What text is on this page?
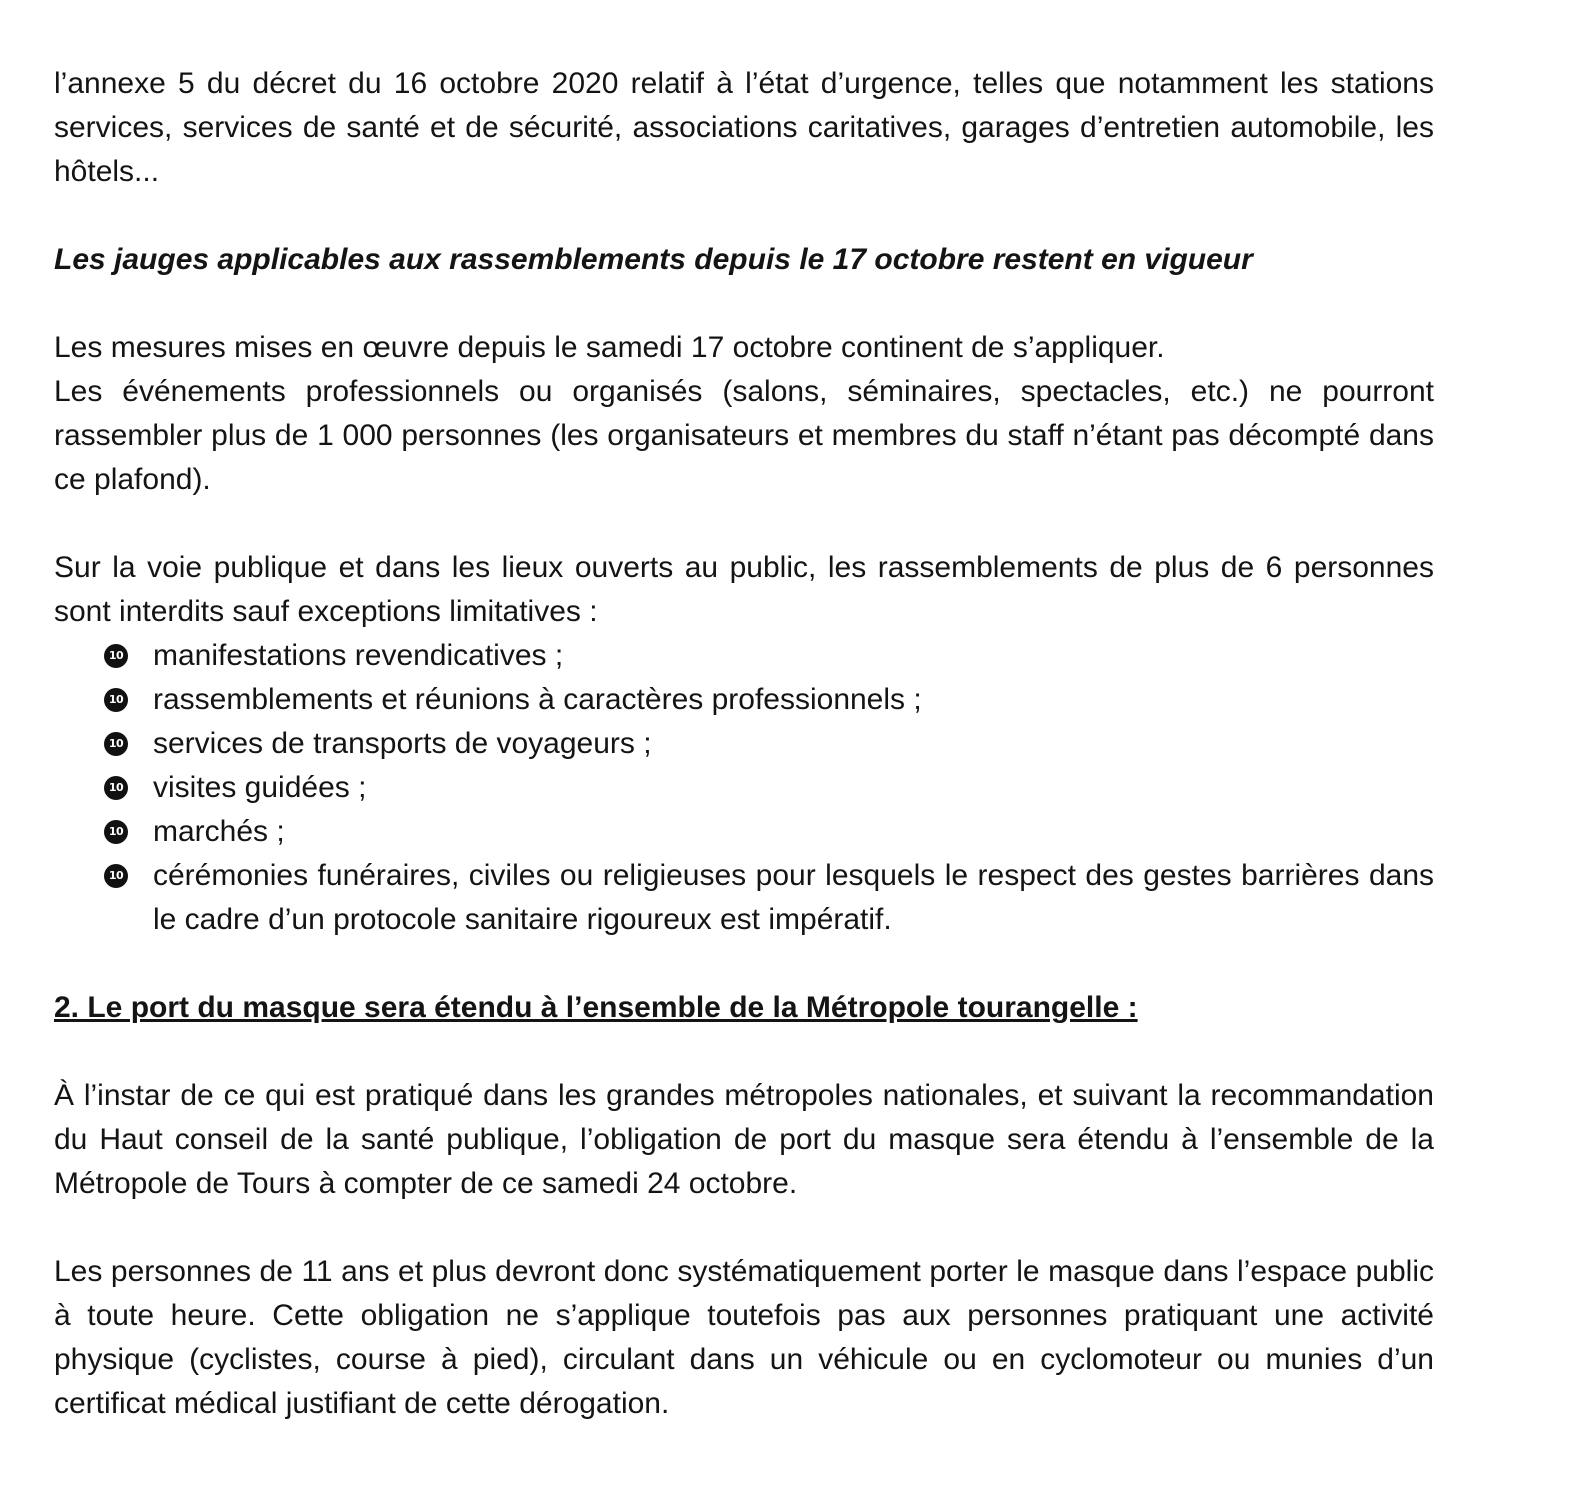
l’annexe 5 du décret du 16 octobre 2020 relatif à l’état d’urgence, telles que notamment les stations services, services de santé et de sécurité, associations caritatives, garages d’entretien automobile, les hôtels...

Les jauges applicables aux rassemblements depuis le 17 octobre restent en vigueur

Les mesures mises en œuvre depuis le samedi 17 octobre continent de s’appliquer.

Les événements professionnels ou organisés (salons, séminaires, spectacles, etc.) ne pourront rassembler plus de 1 000 personnes (les organisateurs et membres du staff n’étant pas décompté dans ce plafond).

Sur la voie publique et dans les lieux ouverts au public, les rassemblements de plus de 6 personnes sont interdits sauf exceptions limitatives :

10 manifestations revendicatives ;
10 rassemblements et réunions à caractères professionnels ;
10 services de transports de voyageurs ;
10 visites guidées ;
10 marchés ;
10 cérémonies funéraires, civiles ou religieuses pour lesquels le respect des gestes barrières dans le cadre d’un protocole sanitaire rigoureux est impératif.
2. Le port du masque sera étendu à l’ensemble de la Métropole tourangelle :

À l’instar de ce qui est pratiqué dans les grandes métropoles nationales, et suivant la recommandation du Haut conseil de la santé publique, l’obligation de port du masque sera étendu à l’ensemble de la Métropole de Tours à compter de ce samedi 24 octobre.

Les personnes de 11 ans et plus devront donc systématiquement porter le masque dans l’espace public à toute heure. Cette obligation ne s’applique toutefois pas aux personnes pratiquant une activité physique (cyclistes, course à pied), circulant dans un véhicule ou en cyclomoteur ou munies d’un certificat médical justifiant de cette dérogation.
